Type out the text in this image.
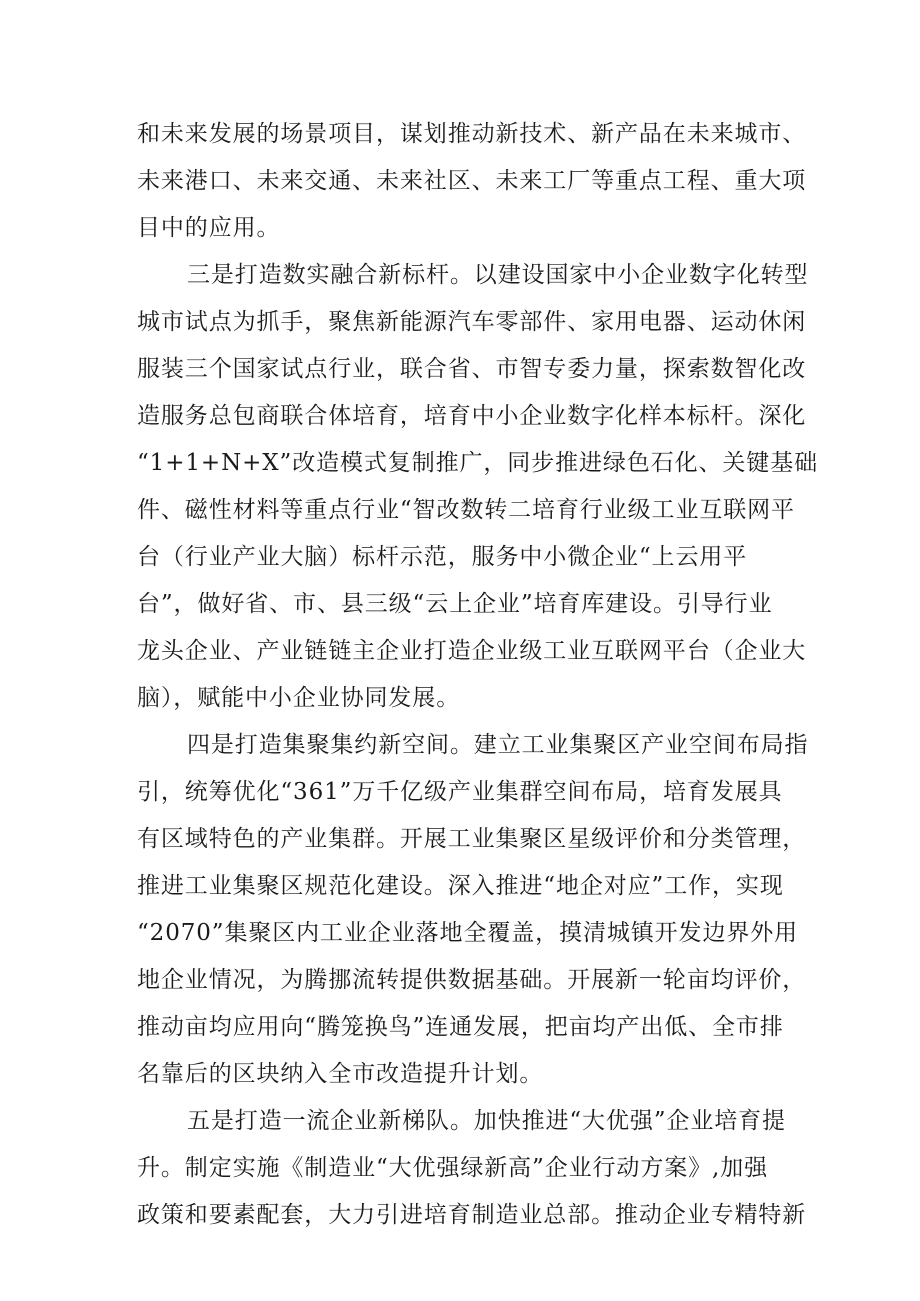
和未来发展的场景项目，谋划推动新技术、新产品在未来城市、
未来港口、未来交通、未来社区、未来工厂等重点工程、重大项
目中的应用。
三是打造数实融合新标杆。以建设国家中小企业数字化转型
城市试点为抓手，聚焦新能源汽车零部件、家用电器、运动休闲
服装三个国家试点行业，联合省、市智专委力量，探索数智化改
造服务总包商联合体培育，培育中小企业数字化样本标杆。深化
“1+1+N+X”改造模式复制推广，同步推进绿色石化、关键基础
件、磁性材料等重点行业“智改数转二培育行业级工业互联网平
台（行业产业大脑）标杆示范，服务中小微企业“上云用平
台”，做好省、市、县三级“云上企业”培育库建设。引导行业
龙头企业、产业链链主企业打造企业级工业互联网平台（企业大
脑），赋能中小企业协同发展。
四是打造集聚集约新空间。建立工业集聚区产业空间布局指
引，统筹优化“361”万千亿级产业集群空间布局，培育发展具
有区域特色的产业集群。开展工业集聚区星级评价和分类管理，
推进工业集聚区规范化建设。深入推进“地企对应”工作，实现
“2070”集聚区内工业企业落地全覆盖，摸清城镇开发边界外用
地企业情况，为腾挪流转提供数据基础。开展新一轮亩均评价，
推动亩均应用向“腾笼换鸟”连通发展，把亩均产出低、全市排
名靠后的区块纳入全市改造提升计划。
五是打造一流企业新梯队。加快推进“大优强”企业培育提
升。制定实施《制造业“大优强绿新高”企业行动方案》,加强
政策和要素配套，大力引进培育制造业总部。推动企业专精特新
